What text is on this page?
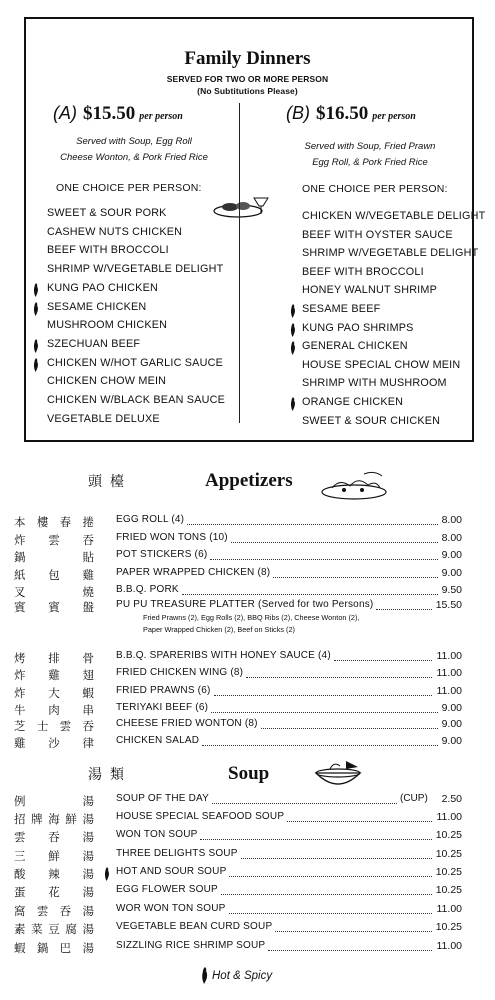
Family Dinners
SERVED FOR TWO OR MORE PERSON
(No Subtitutions Please)
(A) $15.50 per person
Served with Soup, Egg Roll
Cheese Wonton, & Pork Fried Rice
ONE CHOICE PER PERSON:
SWEET & SOUR PORK
CASHEW NUTS CHICKEN
BEEF WITH BROCCOLI
SHRIMP W/VEGETABLE DELIGHT
KUNG PAO CHICKEN
SESAME CHICKEN
MUSHROOM CHICKEN
SZECHUAN BEEF
CHICKEN W/HOT GARLIC SAUCE
CHICKEN CHOW MEIN
CHICKEN W/BLACK BEAN SAUCE
VEGETABLE DELUXE
(B) $16.50 per person
Served with Soup, Fried Prawn
Egg Roll, & Pork Fried Rice
ONE CHOICE PER PERSON:
CHICKEN W/VEGETABLE DELIGHT
BEEF WITH OYSTER SAUCE
SHRIMP W/VEGETABLE DELIGHT
BEEF WITH BROCCOLI
HONEY WALNUT SHRIMP
SESAME BEEF
KUNG PAO SHRIMPS
GENERAL CHICKEN
HOUSE SPECIAL CHOW MEIN
SHRIMP WITH MUSHROOM
ORANGE CHICKEN
SWEET & SOUR CHICKEN
頭檯	Appetizers
本 樓 春 捲 EGG ROLL (4)	8.00
炸 雲 吞 FRIED WON TONS (10)	8.00
鍋	貼 POT STICKERS (6)	9.00
紙 包 雞 PAPER WRAPPED CHICKEN (8)	9.00
叉	燒 B.B.Q. PORK	9.50
賓 賓 盤 PU PU TREASURE PLATTER (Served for two Persons)	15.50
烤 排 骨 B.B.Q. SPARERIBS WITH HONEY SAUCE (4)	11.00
炸 雞 翅 FRIED CHICKEN WING (8)	11.00
炸 大 蝦 FRIED PRAWNS (6)	11.00
牛 肉 串 TERIYAKI BEEF (6)	9.00
芝 士 雲 吞 CHEESE FRIED WONTON (8)	9.00
雞 沙 律 CHICKEN SALAD	9.00
Fried Prawns (2), Egg Rolls (2), BBQ Ribs (2), Cheese Wonton (2),
Paper Wrapped Chicken (2), Beef on Sticks (2)
湯類	Soup
例	湯 SOUP OF THE DAY	2.50
(CUP)
招 牌 海 鮮 湯 HOUSE SPECIAL SEAFOOD SOUP	11.00
雲 吞 湯 WON TON SOUP	10.25
三 鮮 湯 THREE DELIGHTS SOUP	10.25
酸 辣 湯 HOT AND SOUR SOUP	10.25
蛋 花 湯 EGG FLOWER SOUP	10.25
窩 雲 吞 湯 WOR WON TON SOUP	11.00
素 菜 豆 腐 湯 VEGETABLE BEAN CURD SOUP	10.25
蝦 鍋 巴 湯 SIZZLING RICE SHRIMP SOUP	11.00
Hot & Spicy
